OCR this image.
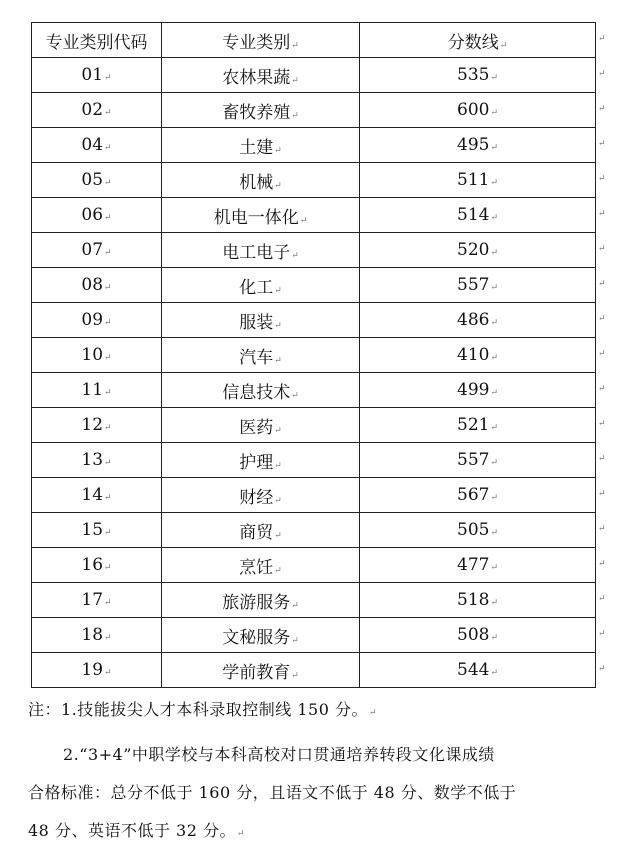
专业类别代码	专业类别↵	分数线↵
01↵	农林果蔬↵	535↵
02↵	畜牧养殖↵	600↵
04↵	土建↵	495↵
05↵	机械↵	511↵
06↵	机电一体化↵	514↵
07↵	电工电子↵	520↵
08↵	化工↵	557↵
09↵	服装↵	486↵
10↵	汽车↵	410↵
11↵	信息技术↵	499↵
12↵	医药↵	521↵
13↵	护理↵	557↵
14↵	财经↵	567↵
15↵	商贸↵	505↵
16↵	烹饪↵	477↵
17↵	旅游服务↵	518↵
18↵	文秘服务↵	508↵
19↵	学前教育↵	544↵
↵
↵
↵
↵
↵
↵
↵
↵
↵
↵
↵
↵
↵
↵
↵
↵
↵
↵
↵
注：1.技能拔尖人才本科录取控制线 150 分。↵
2.“3+4”中职学校与本科高校对口贯通培养转段文化课成绩
合格标准：总分不低于 160 分，且语文不低于 48 分、数学不低于
48 分、英语不低于 32 分。↵
